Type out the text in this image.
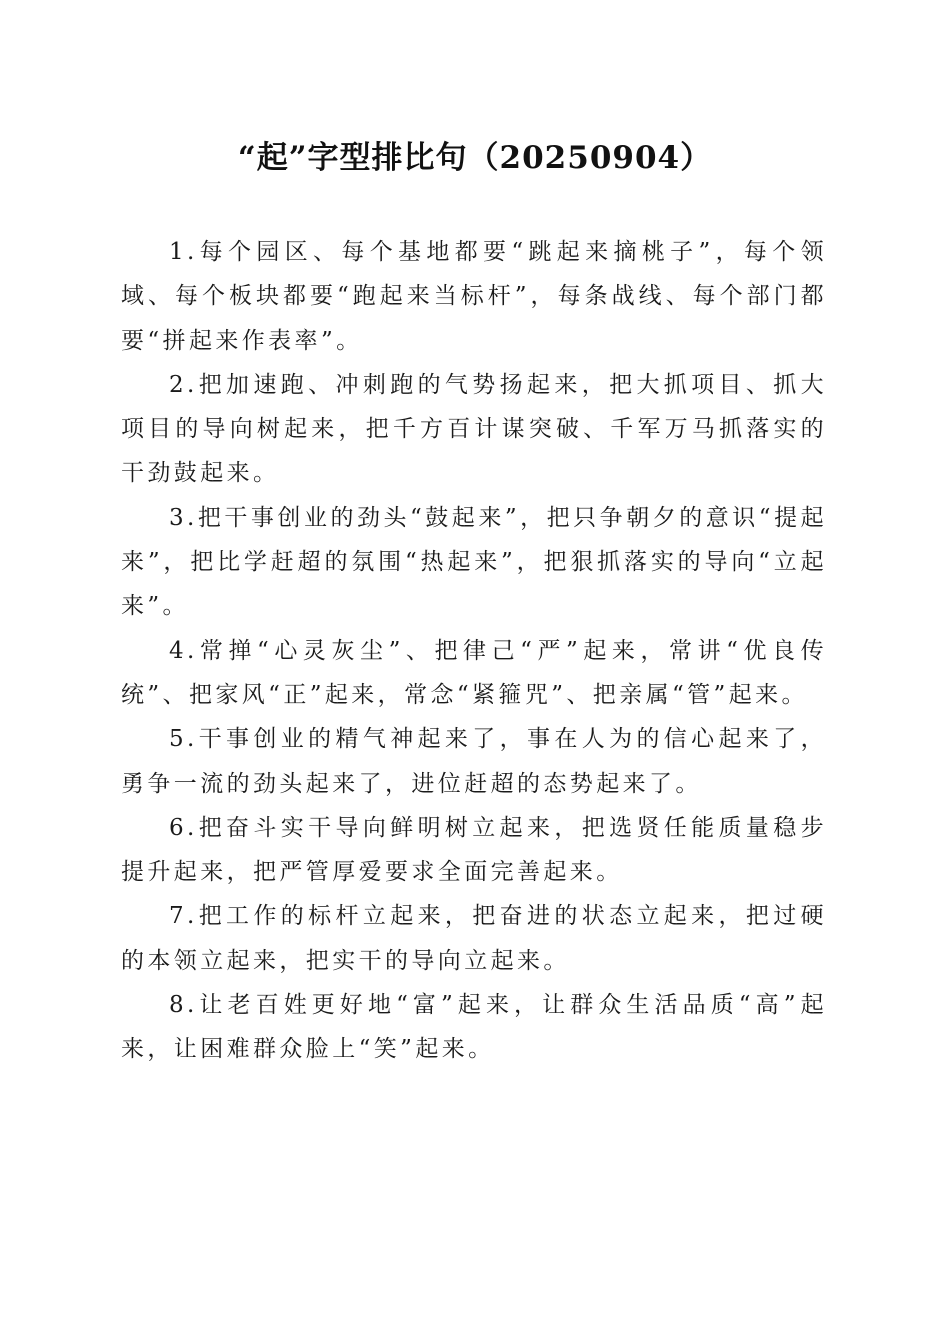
“起”字型排比句（20250904）

1.每个园区、每个基地都要“跳起来摘桃子”，每个领域、每个板块都要“跑起来当标杆”，每条战线、每个部门都要“拼起来作表率”。

2.把加速跑、冲刺跑的气势扬起来，把大抓项目、抓大项目的导向树起来，把千方百计谋突破、千军万马抓落实的干劲鼓起来。

3.把干事创业的劲头“鼓起来”，把只争朝夕的意识“提起来”，把比学赶超的氛围“热起来”，把狠抓落实的导向“立起来”。

4.常掸“心灵灰尘”、把律己“严”起来，常讲“优良传统”、把家风“正”起来，常念“紧箍咒”、把亲属“管”起来。

5.干事创业的精气神起来了，事在人为的信心起来了，勇争一流的劲头起来了，进位赶超的态势起来了。

6.把奋斗实干导向鲜明树立起来，把选贤任能质量稳步提升起来，把严管厚爱要求全面完善起来。

7.把工作的标杆立起来，把奋进的状态立起来，把过硬的本领立起来，把实干的导向立起来。

8.让老百姓更好地“富”起来，让群众生活品质“高”起来，让困难群众脸上“笑”起来。
